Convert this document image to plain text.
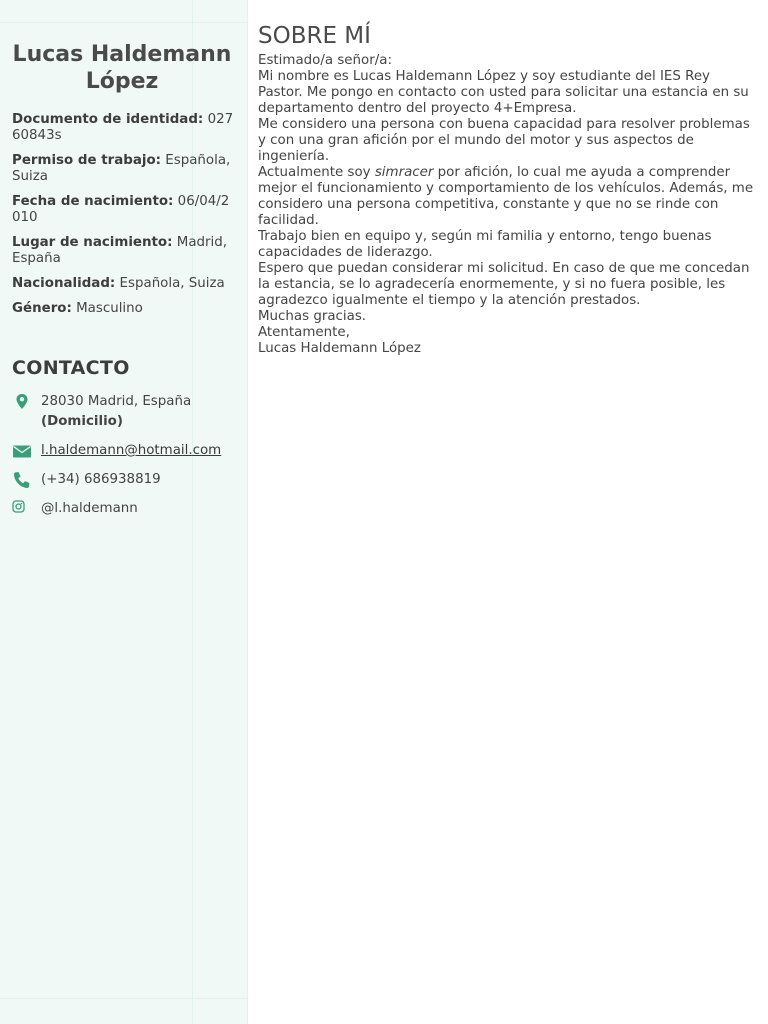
Lucas Haldemann López
Documento de identidad: 02760843s
Permiso de trabajo: Española, Suiza
Fecha de nacimiento: 06/04/2010
Lugar de nacimiento: Madrid, España
Nacionalidad: Española, Suiza
Género: Masculino
CONTACTO
28030 Madrid, España
(Domicilio)
l.haldemann@hotmail.com
(+34) 686938819
@l.haldemann
SOBRE MÍ

Estimado/a señor/a:

Mi nombre es Lucas Haldemann López y soy estudiante del IES Rey Pastor. Me pongo en contacto con usted para solicitar una estancia en su departamento dentro del proyecto 4+Empresa.

Me considero una persona con buena capacidad para resolver problemas y con una gran afición por el mundo del motor y sus aspectos de ingeniería.

Actualmente soy simracer por afición, lo cual me ayuda a comprender mejor el funcionamiento y comportamiento de los vehículos. Además, me considero una persona competitiva, constante y que no se rinde con facilidad.

Trabajo bien en equipo y, según mi familia y entorno, tengo buenas capacidades de liderazgo.

Espero que puedan considerar mi solicitud. En caso de que me concedan la estancia, se lo agradecería enormemente, y si no fuera posible, les agradezco igualmente el tiempo y la atención prestados.

Muchas gracias.

Atentamente,

Lucas Haldemann López
